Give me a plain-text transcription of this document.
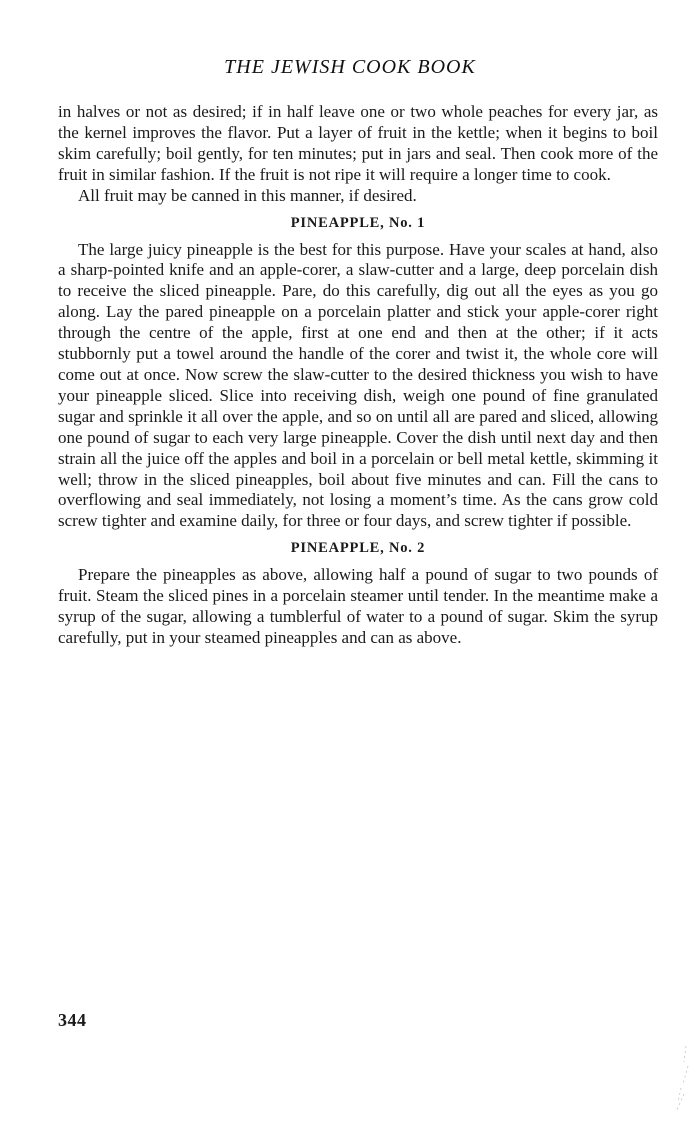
THE JEWISH COOK BOOK

in halves or not as desired; if in half leave one or two whole peaches for every jar, as the kernel improves the flavor. Put a layer of fruit in the kettle; when it begins to boil skim carefully; boil gently, for ten minutes; put in jars and seal. Then cook more of the fruit in similar fashion. If the fruit is not ripe it will require a longer time to cook.

All fruit may be canned in this manner, if desired.

PINEAPPLE, No. 1

The large juicy pineapple is the best for this purpose. Have your scales at hand, also a sharp-pointed knife and an apple-corer, a slaw-cutter and a large, deep porcelain dish to receive the sliced pineapple. Pare, do this carefully, dig out all the eyes as you go along. Lay the pared pineapple on a porcelain platter and stick your apple-corer right through the centre of the apple, first at one end and then at the other; if it acts stubbornly put a towel around the handle of the corer and twist it, the whole core will come out at once. Now screw the slaw-cutter to the desired thickness you wish to have your pineapple sliced. Slice into receiving dish, weigh one pound of fine granulated sugar and sprinkle it all over the apple, and so on until all are pared and sliced, allowing one pound of sugar to each very large pineapple. Cover the dish until next day and then strain all the juice off the apples and boil in a porcelain or bell metal kettle, skimming it well; throw in the sliced pineapples, boil about five minutes and can. Fill the cans to overflowing and seal immediately, not losing a moment’s time. As the cans grow cold screw tighter and examine daily, for three or four days, and screw tighter if possible.

PINEAPPLE, No. 2

Prepare the pineapples as above, allowing half a pound of sugar to two pounds of fruit. Steam the sliced pines in a porcelain steamer until tender. In the meantime make a syrup of the sugar, allowing a tumblerful of water to a pound of sugar. Skim the syrup carefully, put in your steamed pineapples and can as above.

344
